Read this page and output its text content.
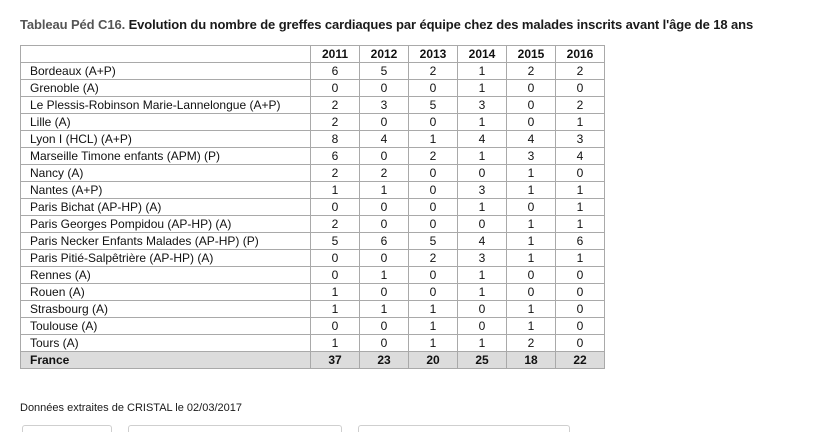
Tableau Péd C16. Evolution du nombre de greffes cardiaques par équipe chez des malades inscrits avant l'âge de 18 ans
	2011	2012	2013	2014	2015	2016
Bordeaux (A+P)	6	5	2	1	2	2
Grenoble (A)	0	0	0	1	0	0
Le Plessis-Robinson Marie-Lannelongue (A+P)	2	3	5	3	0	2
Lille (A)	2	0	0	1	0	1
Lyon I (HCL) (A+P)	8	4	1	4	4	3
Marseille Timone enfants (APM) (P)	6	0	2	1	3	4
Nancy (A)	2	2	0	0	1	0
Nantes (A+P)	1	1	0	3	1	1
Paris Bichat (AP-HP) (A)	0	0	0	1	0	1
Paris Georges Pompidou (AP-HP) (A)	2	0	0	0	1	1
Paris Necker Enfants Malades (AP-HP) (P)	5	6	5	4	1	6
Paris Pitié-Salpêtrière (AP-HP) (A)	0	0	2	3	1	1
Rennes (A)	0	1	0	1	0	0
Rouen (A)	1	0	0	1	0	0
Strasbourg (A)	1	1	1	0	1	0
Toulouse (A)	0	0	1	0	1	0
Tours (A)	1	0	1	1	2	0
France	37	23	20	25	18	22
Données extraites de CRISTAL le 02/03/2017
